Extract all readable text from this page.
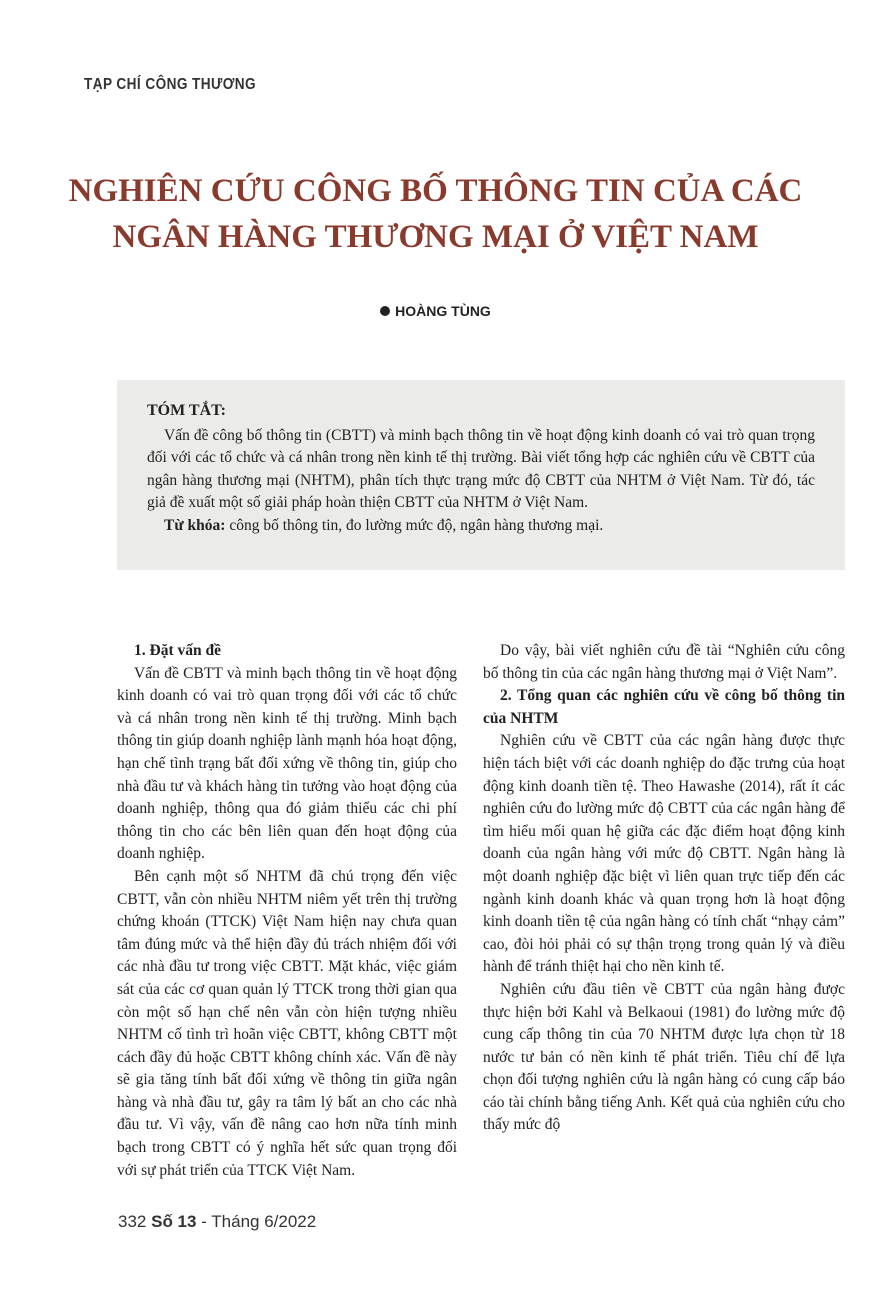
TẠP CHÍ CÔNG THƯƠNG
NGHIÊN CỨU CÔNG BỐ THÔNG TIN CỦA CÁC
NGÂN HÀNG THƯƠNG MẠI Ở VIỆT NAM
HOÀNG TÙNG
TÓM TẮT:

Vấn đề công bố thông tin (CBTT) và minh bạch thông tin về hoạt động kinh doanh có vai trò quan trọng đối với các tổ chức và cá nhân trong nền kinh tế thị trường. Bài viết tổng hợp các nghiên cứu về CBTT của ngân hàng thương mại (NHTM), phân tích thực trạng mức độ CBTT của NHTM ở Việt Nam. Từ đó, tác giả đề xuất một số giải pháp hoàn thiện CBTT của NHTM ở Việt Nam.

Từ khóa: công bố thông tin, đo lường mức độ, ngân hàng thương mại.

1. Đặt vấn đề

Vấn đề CBTT và minh bạch thông tin về hoạt động kinh doanh có vai trò quan trọng đối với các tổ chức và cá nhân trong nền kinh tế thị trường. Minh bạch thông tin giúp doanh nghiệp lành mạnh hóa hoạt động, hạn chế tình trạng bất đối xứng về thông tin, giúp cho nhà đầu tư và khách hàng tin tưởng vào hoạt động của doanh nghiệp, thông qua đó giảm thiểu các chi phí thông tin cho các bên liên quan đến hoạt động của doanh nghiệp.

Bên cạnh một số NHTM đã chú trọng đến việc CBTT, vẫn còn nhiều NHTM niêm yết trên thị trường chứng khoán (TTCK) Việt Nam hiện nay chưa quan tâm đúng mức và thể hiện đầy đủ trách nhiệm đối với các nhà đầu tư trong việc CBTT. Mặt khác, việc giám sát của các cơ quan quản lý TTCK trong thời gian qua còn một số hạn chế nên vẫn còn hiện tượng nhiều NHTM cố tình trì hoãn việc CBTT, không CBTT một cách đầy đủ hoặc CBTT không chính xác. Vấn đề này sẽ gia tăng tính bất đối xứng về thông tin giữa ngân hàng và nhà đầu tư, gây ra tâm lý bất an cho các nhà đầu tư. Vì vậy, vấn đề nâng cao hơn nữa tính minh bạch trong CBTT có ý nghĩa hết sức quan trọng đối với sự phát triển của TTCK Việt Nam.

Do vậy, bài viết nghiên cứu đề tài “Nghiên cứu công bố thông tin của các ngân hàng thương mại ở Việt Nam”.

2. Tổng quan các nghiên cứu về công bố thông tin của NHTM

Nghiên cứu về CBTT của các ngân hàng được thực hiện tách biệt với các doanh nghiệp do đặc trưng của hoạt động kinh doanh tiền tệ. Theo Hawashe (2014), rất ít các nghiên cứu đo lường mức độ CBTT của các ngân hàng để tìm hiểu mối quan hệ giữa các đặc điểm hoạt động kinh doanh của ngân hàng với mức độ CBTT. Ngân hàng là một doanh nghiệp đặc biệt vì liên quan trực tiếp đến các ngành kinh doanh khác và quan trọng hơn là hoạt động kinh doanh tiền tệ của ngân hàng có tính chất “nhạy cảm” cao, đòi hỏi phải có sự thận trọng trong quản lý và điều hành để tránh thiệt hại cho nền kinh tế.

Nghiên cứu đầu tiên về CBTT của ngân hàng được thực hiện bởi Kahl và Belkaoui (1981) đo lường mức độ cung cấp thông tin của 70 NHTM được lựa chọn từ 18 nước tư bản có nền kinh tế phát triển. Tiêu chí để lựa chọn đối tượng nghiên cứu là ngân hàng có cung cấp báo cáo tài chính bằng tiếng Anh. Kết quả của nghiên cứu cho thấy mức độ

332 Số 13 - Tháng 6/2022
